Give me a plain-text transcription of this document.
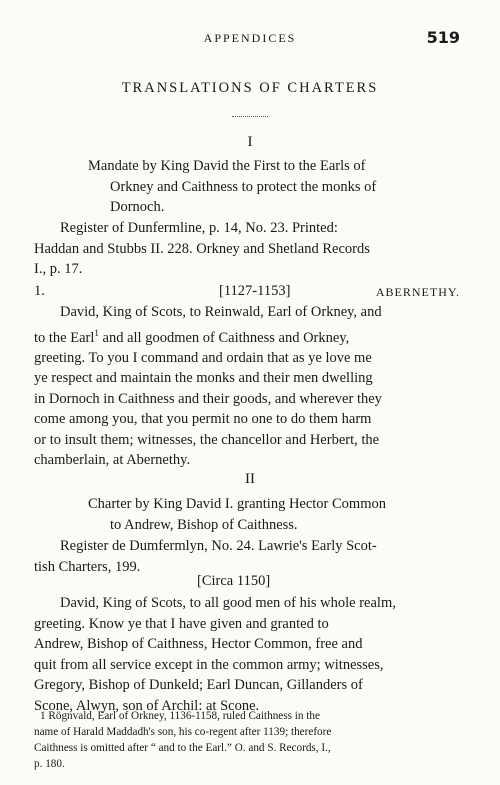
APPENDICES	519
TRANSLATIONS OF CHARTERS
I
Mandate by King David the First to the Earls of
Orkney and Caithness to protect the monks of
Dornoch.
Register of Dunfermline, p. 14, No. 23. Printed:
Haddan and Stubbs II. 228. Orkney and Shetland Records
I., p. 17.
1.	[1127-1153]	ABERNETHY.
David, King of Scots, to Reinwald, Earl of Orkney, and
to the Earl$^1$ and all goodmen of Caithness and Orkney,
greeting. To you I command and ordain that as ye love me
ye respect and maintain the monks and their men dwelling
in Dornoch in Caithness and their goods, and wherever they
come among you, that you permit no one to do them harm
or to insult them; witnesses, the chancellor and Herbert, the
chamberlain, at Abernethy.
II
Charter by King David I. granting Hector Common
to Andrew, Bishop of Caithness.
Register de Dumfermlyn, No. 24. Lawrie's Early Scot-
tish Charters, 199.
[Circa 1150]
David, King of Scots, to all good men of his whole realm,
greeting. Know ye that I have given and granted to
Andrew, Bishop of Caithness, Hector Common, free and
quit from all service except in the common army; witnesses,
Gregory, Bishop of Dunkeld; Earl Duncan, Gillanders of
Scone, Alwyn, son of Archil: at Scone.
1 Rögnvald, Earl of Orkney, 1136-1158, ruled Caithness in the
name of Harald Maddadh's son, his co-regent after 1139; therefore
Caithness is omitted after “ and to the Earl.” O. and S. Records, I.,
p. 180.
